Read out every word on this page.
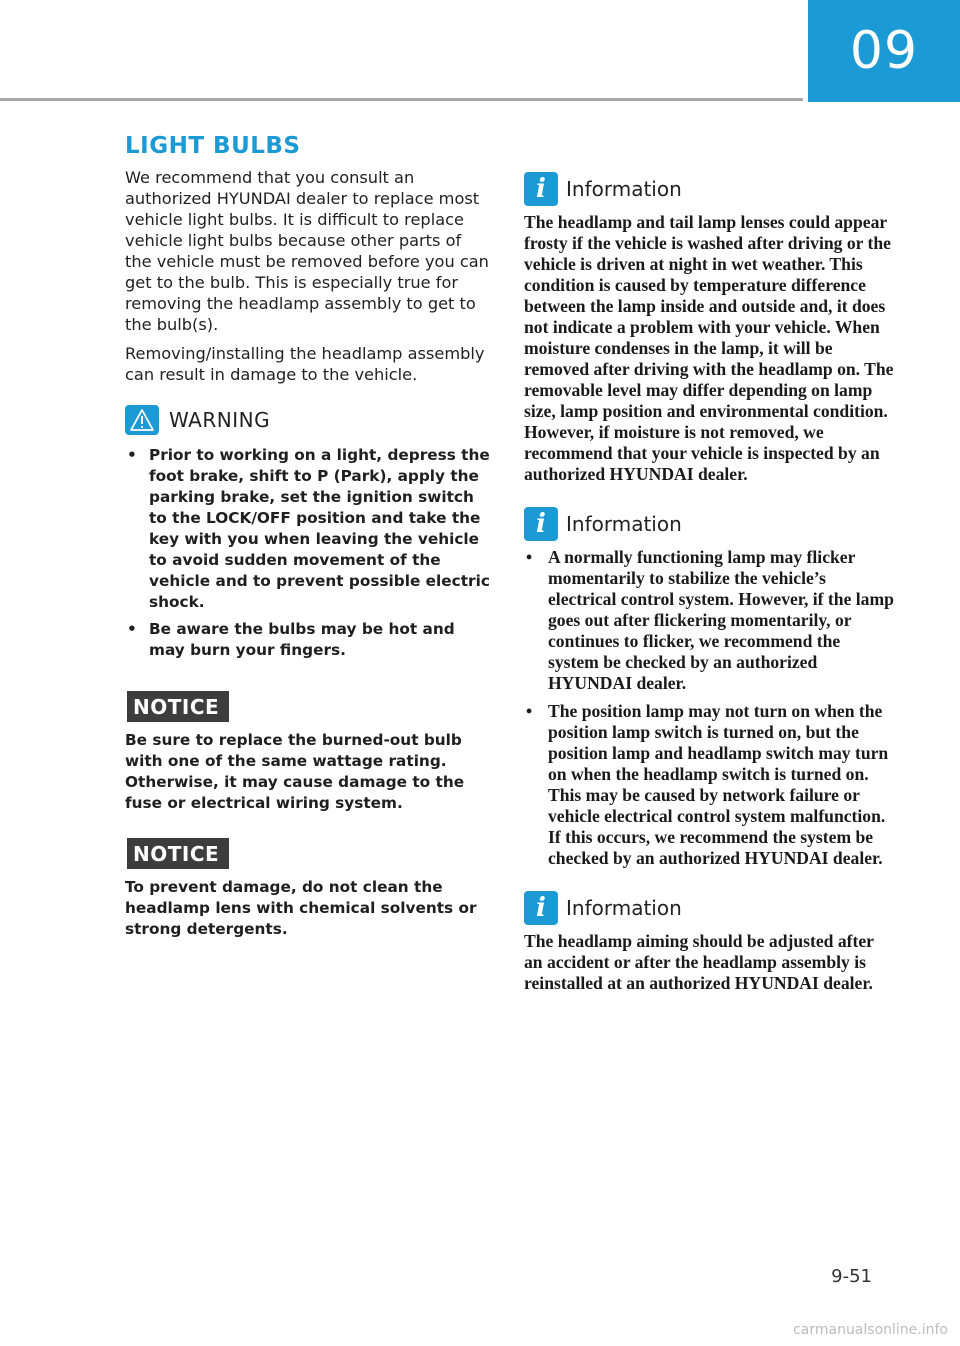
09
LIGHT BULBS

We recommend that you consult an authorized HYUNDAI dealer to replace most vehicle light bulbs. It is difficult to replace vehicle light bulbs because other parts of the vehicle must be removed before you can get to the bulb. This is especially true for removing the headlamp assembly to get to the bulb(s).

Removing/installing the headlamp assembly can result in damage to the vehicle.

WARNING
• Prior to working on a light, depress the foot brake, shift to P (Park), apply the parking brake, set the ignition switch to the LOCK/OFF position and take the key with you when leaving the vehicle to avoid sudden movement of the vehicle and to prevent possible electric shock.
• Be aware the bulbs may be hot and may burn your fingers.
NOTICE

Be sure to replace the burned-out bulb with one of the same wattage rating. Otherwise, it may cause damage to the fuse or electrical wiring system.

NOTICE

To prevent damage, do not clean the headlamp lens with chemical solvents or strong detergents.

i	Information

The headlamp and tail lamp lenses could appear frosty if the vehicle is washed after driving or the vehicle is driven at night in wet weather. This condition is caused by temperature difference between the lamp inside and outside and, it does not indicate a problem with your vehicle. When moisture condenses in the lamp, it will be removed after driving with the headlamp on. The removable level may differ depending on lamp size, lamp position and environmental condition. However, if moisture is not removed, we recommend that your vehicle is inspected by an authorized HYUNDAI dealer.

i	Information
• A normally functioning lamp may flicker momentarily to stabilize the vehicle’s electrical control system. However, if the lamp goes out after flickering momentarily, or continues to flicker, we recommend the system be checked by an authorized HYUNDAI dealer.
• The position lamp may not turn on when the position lamp switch is turned on, but the position lamp and headlamp switch may turn on when the headlamp switch is turned on. This may be caused by network failure or vehicle electrical control system malfunction. If this occurs, we recommend the system be checked by an authorized HYUNDAI dealer.
i	Information

The headlamp aiming should be adjusted after an accident or after the headlamp assembly is reinstalled at an authorized HYUNDAI dealer.

9-51
carmanualsonline.info
